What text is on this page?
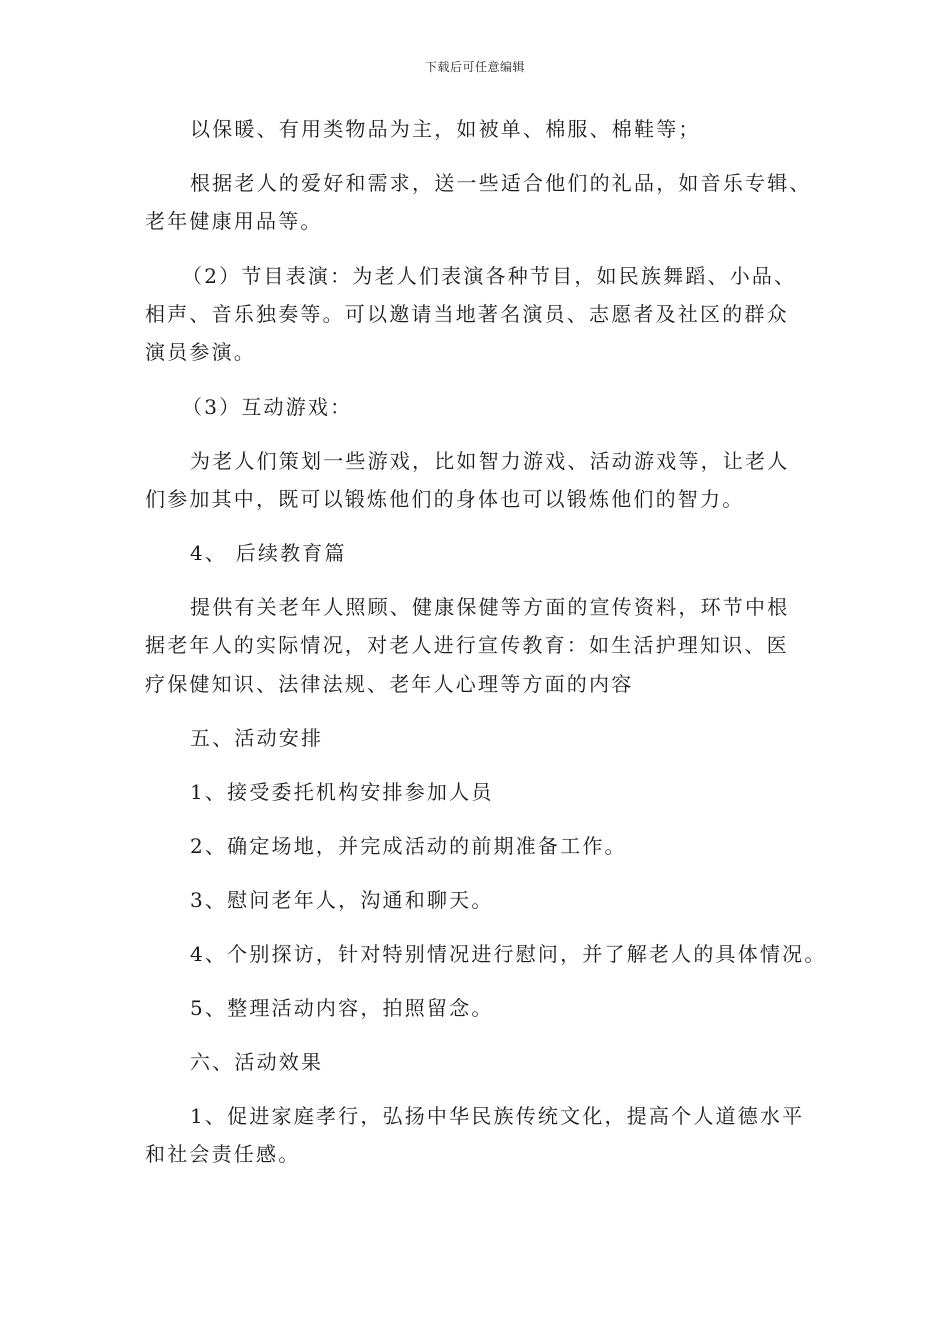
下载后可任意编辑
以保暖、有用类物品为主，如被单、棉服、棉鞋等；
根据老人的爱好和需求，送一些适合他们的礼品，如音乐专辑、
老年健康用品等。
（2）节目表演：为老人们表演各种节目，如民族舞蹈、小品、
相声、音乐独奏等。可以邀请当地著名演员、志愿者及社区的群众
演员参演。
（3）互动游戏：
为老人们策划一些游戏，比如智力游戏、活动游戏等，让老人
们参加其中，既可以锻炼他们的身体也可以锻炼他们的智力。
4、 后续教育篇
提供有关老年人照顾、健康保健等方面的宣传资料，环节中根
据老年人的实际情况，对老人进行宣传教育：如生活护理知识、医
疗保健知识、法律法规、老年人心理等方面的内容
五、活动安排
1、接受委托机构安排参加人员
2、确定场地，并完成活动的前期准备工作。
3、慰问老年人，沟通和聊天。
4、个别探访，针对特别情况进行慰问，并了解老人的具体情况。
5、整理活动内容，拍照留念。
六、活动效果
1、促进家庭孝行，弘扬中华民族传统文化，提高个人道德水平
和社会责任感。
